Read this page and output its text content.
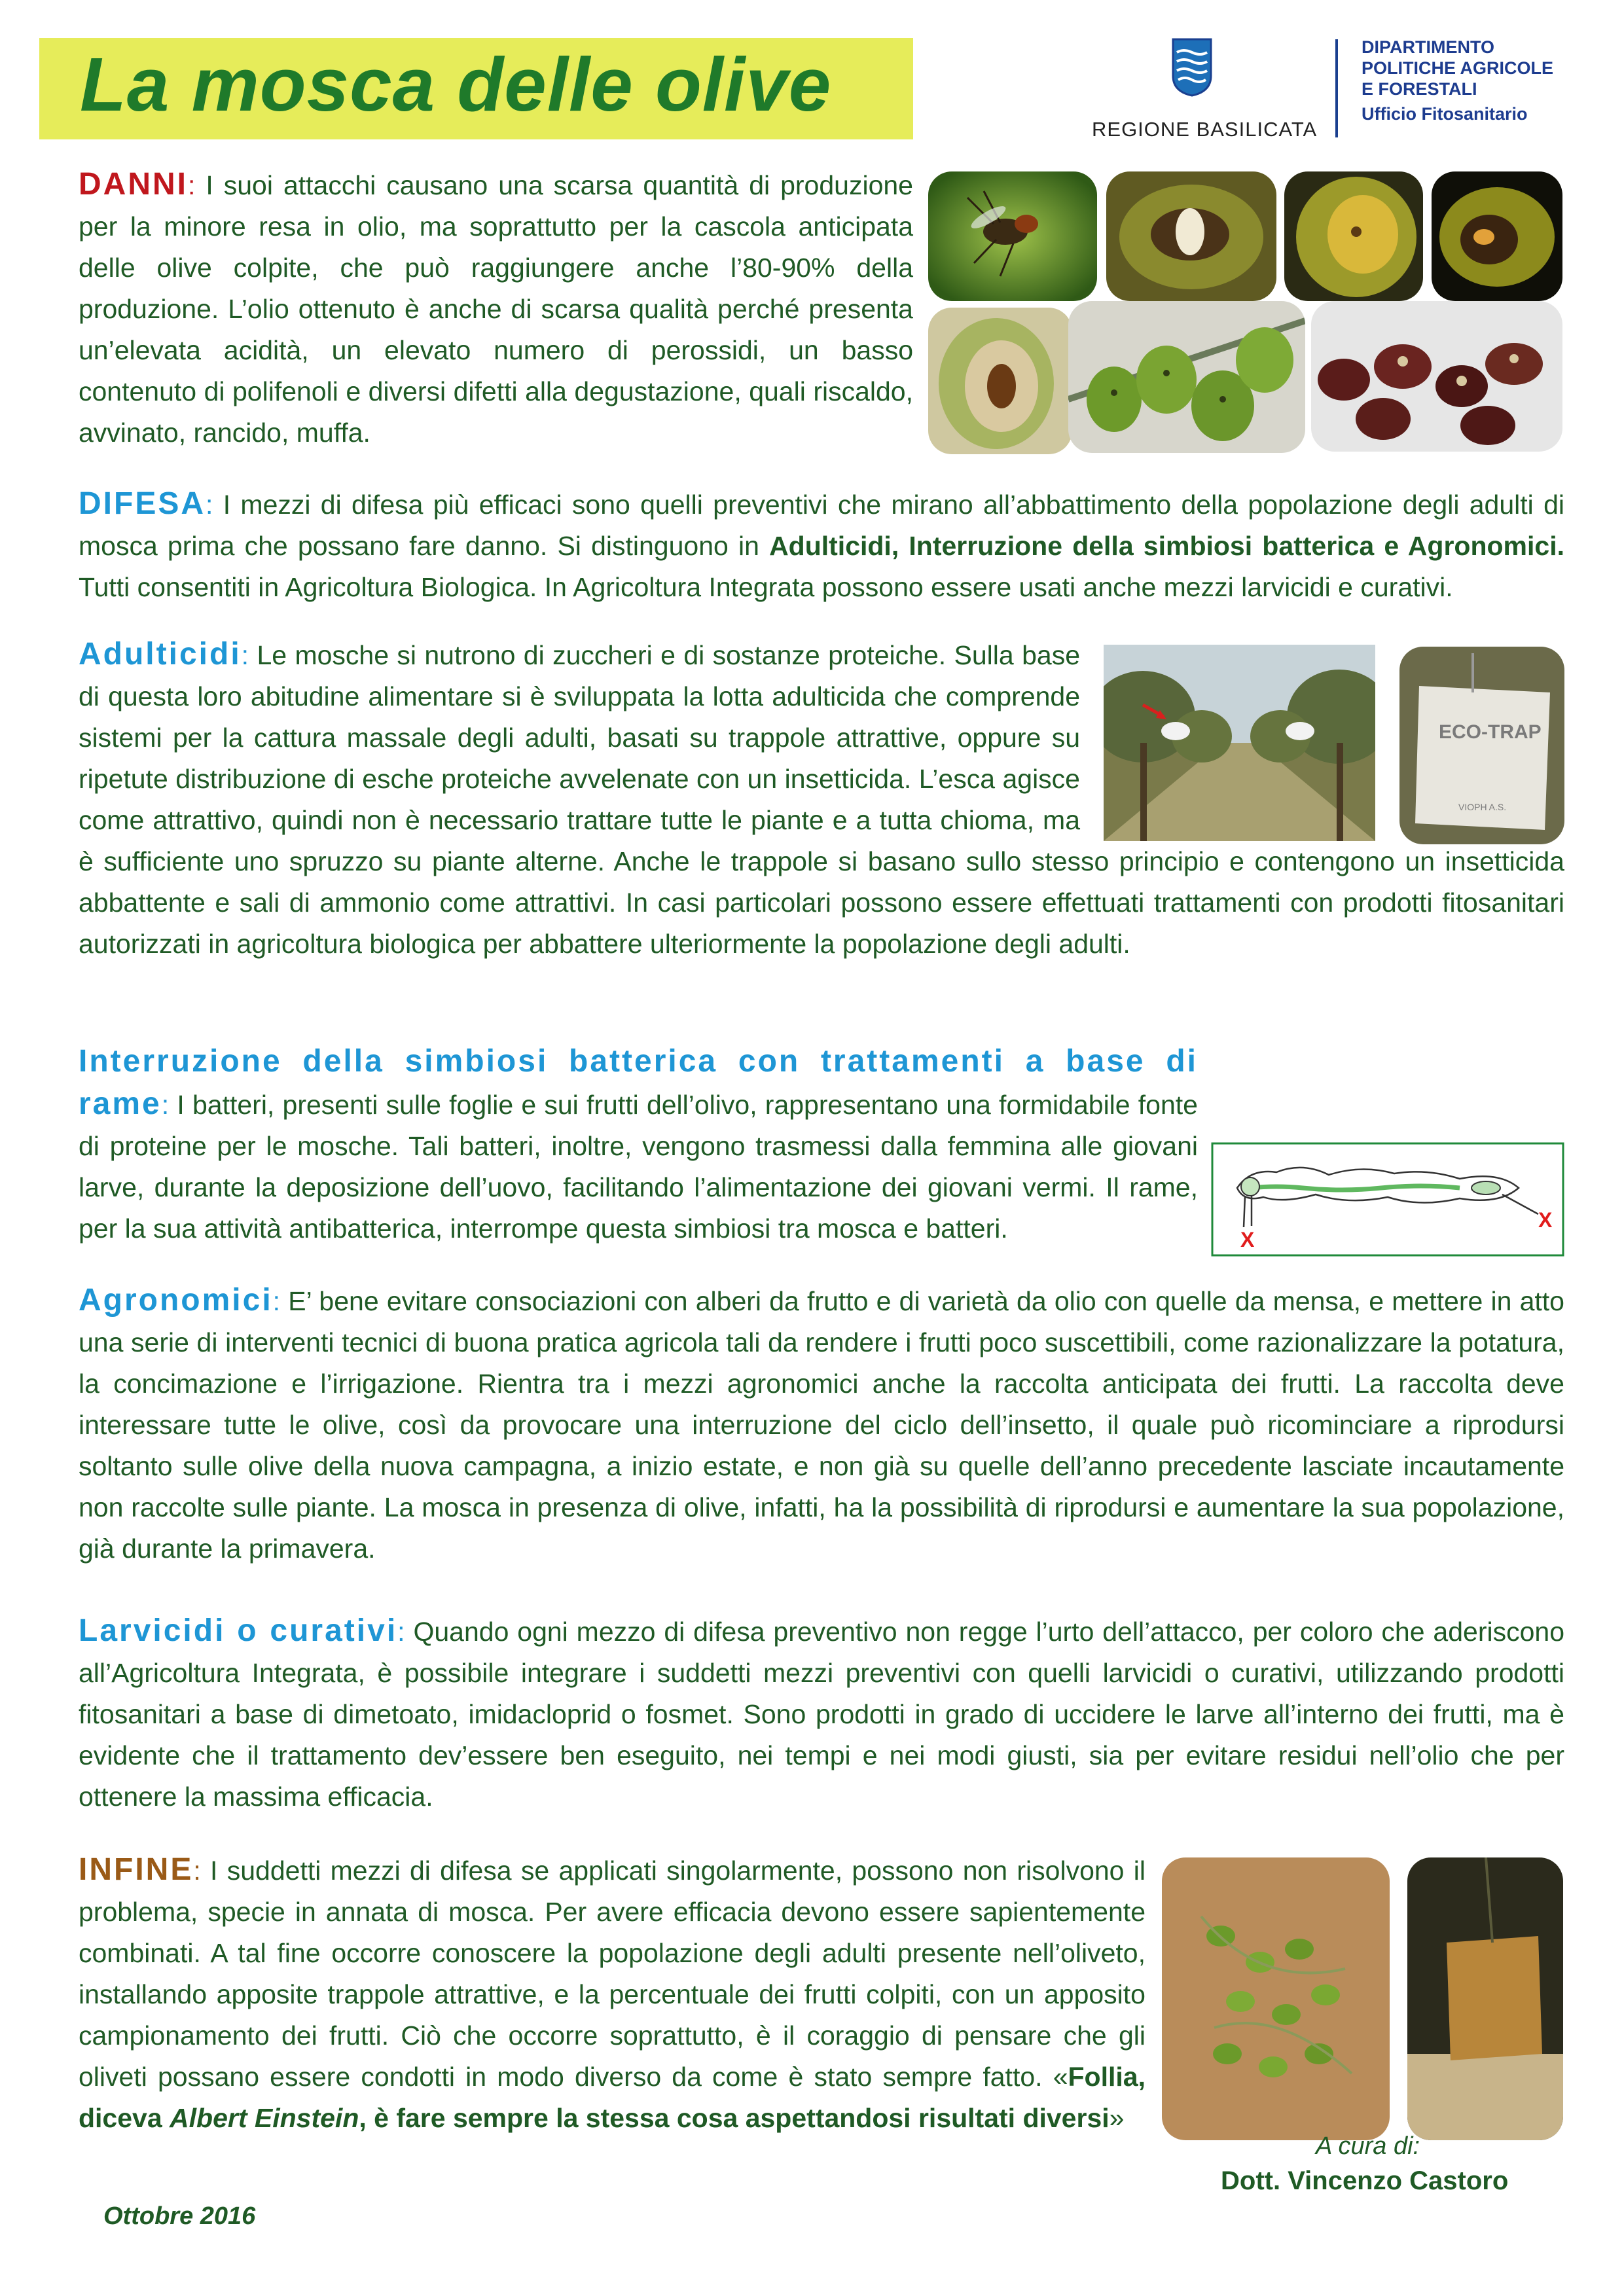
La mosca delle olive
REGIONE BASILICATA
DIPARTIMENTO
POLITICHE AGRICOLE
E FORESTALI
Ufficio Fitosanitario
DANNI: I suoi attacchi causano una scarsa quantità di produzione per la minore resa in olio, ma soprattutto per la cascola anticipata delle olive colpite, che può raggiungere anche l’80-90% della produzione. L’olio ottenuto è anche di scarsa qualità perché presenta un’elevata acidità, un elevato numero di perossidi, un basso contenuto di polifenoli e diversi difetti alla degustazione, quali riscaldo, avvinato, rancido, muffa.
DIFESA: I mezzi di difesa più efficaci sono quelli preventivi che mirano all’abbattimento della popolazione degli adulti di mosca prima che possano fare danno. Si distinguono in Adulticidi, Interruzione della simbiosi batterica e Agronomici. Tutti consentiti in Agricoltura Biologica. In Agricoltura Integrata possono essere usati anche mezzi larvicidi e curativi.
Adulticidi: Le mosche si nutrono di zuccheri e di sostanze proteiche. Sulla base di questa loro abitudine alimentare si è sviluppata la lotta adulticida che comprende sistemi per la cattura massale degli adulti, basati su trappole attrattive, oppure su ripetute distribuzione di esche proteiche avvelenate con un insetticida. L’esca agisce come attrattivo, quindi non è necessario trattare tutte le piante e a tutta chioma, ma è sufficiente uno spruzzo su piante alterne. Anche le trappole si basano sullo stesso principio e contengono un insetticida abbattente e sali di ammonio come attrattivi. In casi particolari possono essere effettuati trattamenti con prodotti fitosanitari autorizzati in agricoltura biologica per abbattere ulteriormente la popolazione degli adulti.
ECO-TRAP
VIOPH A.S.
Interruzione della simbiosi batterica con trattamenti a base di rame: I batteri, presenti sulle foglie e sui frutti dell’olivo, rappresentano una formidabile fonte di proteine per le mosche. Tali batteri, inoltre, vengono trasmessi dalla femmina alle giovani larve, durante la deposizione dell’uovo, facilitando l’alimentazione dei giovani vermi. Il rame, per la sua attività antibatterica, interrompe questa simbiosi tra mosca e batteri.	X
X
Agronomici: E’ bene evitare consociazioni con alberi da frutto e di varietà da olio con quelle da mensa, e mettere in atto una serie di interventi tecnici di buona pratica agricola tali da rendere i frutti poco suscettibili, come razionalizzare la potatura, la concimazione e l’irrigazione. Rientra tra i mezzi agronomici anche la raccolta anticipata dei frutti. La raccolta deve interessare tutte le olive, così da provocare una interruzione del ciclo dell’insetto, il quale può ricominciare a riprodursi soltanto sulle olive della nuova campagna, a inizio estate, e non già su quelle dell’anno precedente lasciate incautamente non raccolte sulle piante. La mosca in presenza di olive, infatti, ha la possibilità di riprodursi e aumentare la sua popolazione, già durante la primavera.
Larvicidi o curativi: Quando ogni mezzo di difesa preventivo non regge l’urto dell’attacco, per coloro che aderiscono all’Agricoltura Integrata, è possibile integrare i suddetti mezzi preventivi con quelli larvicidi o curativi, utilizzando prodotti fitosanitari a base di dimetoato, imidacloprid o fosmet. Sono prodotti in grado di uccidere le larve all’interno dei frutti, ma è evidente che il trattamento dev’essere ben eseguito, nei tempi e nei modi giusti, sia per evitare residui nell’olio che per ottenere la massima efficacia.
INFINE: I suddetti mezzi di difesa se applicati singolarmente, possono non risolvono il problema, specie in annata di mosca. Per avere efficacia devono essere sapientemente combinati. A tal fine occorre conoscere la popolazione degli adulti presente nell’oliveto, installando apposite trappole attrattive, e la percentuale dei frutti colpiti, con un apposito campionamento dei frutti. Ciò che occorre soprattutto, è il coraggio di pensare che gli oliveti possano essere condotti in modo diverso da come è stato sempre fatto. «Follia, diceva Albert Einstein, è fare sempre la stessa cosa aspettandosi risultati diversi»
Ottobre 2016
A cura di:
Dott. Vincenzo Castoro
